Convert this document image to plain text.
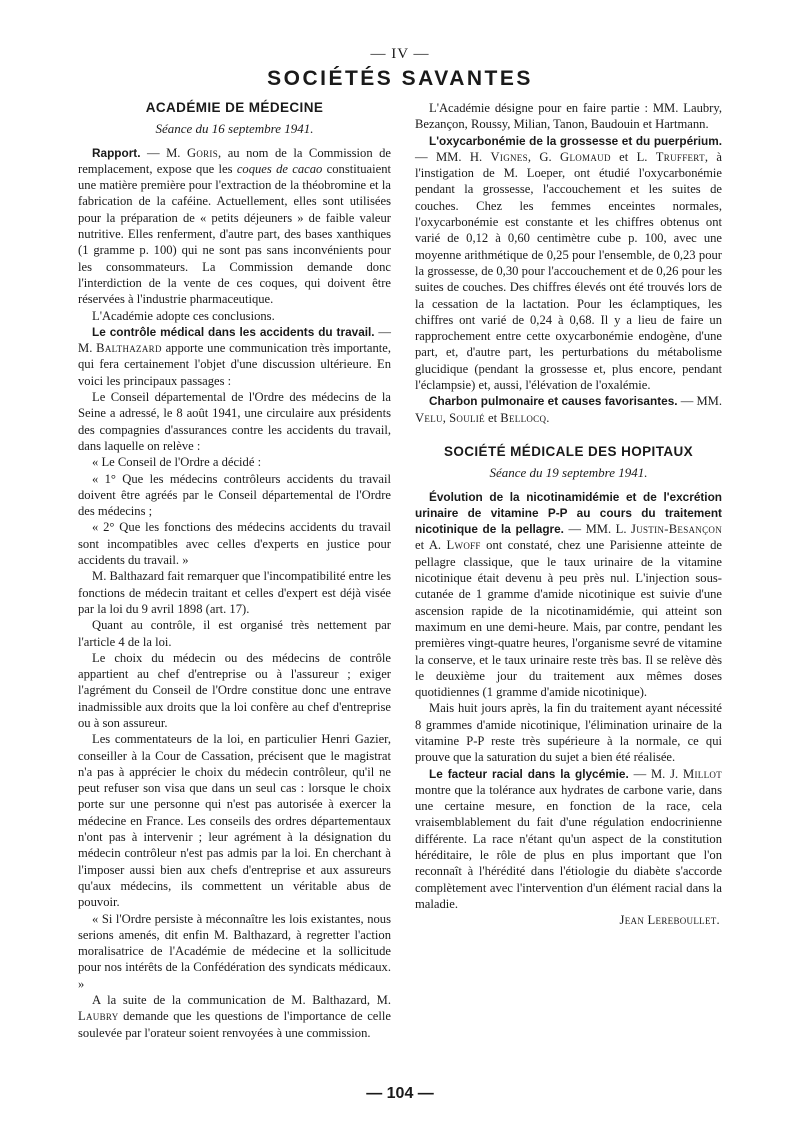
— IV —
SOCIÉTÉS SAVANTES
ACADÉMIE DE MÉDECINE
Séance du 16 septembre 1941.

Rapport. — M. Goris, au nom de la Commission de remplacement, expose que les coques de cacao constituaient une matière première pour l'extraction de la théobromine et la fabrication de la caféine. Actuellement, elles sont utilisées pour la préparation de « petits déjeuners » de faible valeur nutritive. Elles renferment, d'autre part, des bases xanthiques (1 gramme p. 100) qui ne sont pas sans inconvénients pour les consommateurs. La Commission demande donc l'interdiction de la vente de ces coques, qui doivent être réservées à l'industrie pharmaceutique.

L'Académie adopte ces conclusions.

Le contrôle médical dans les accidents du travail. — M. Balthazard apporte une communication très importante, qui fera certainement l'objet d'une discussion ultérieure. En voici les principaux passages :

Le Conseil départemental de l'Ordre des médecins de la Seine a adressé, le 8 août 1941, une circulaire aux présidents des compagnies d'assurances contre les accidents du travail, dans laquelle on relève :

« Le Conseil de l'Ordre a décidé :

« 1° Que les médecins contrôleurs accidents du travail doivent être agréés par le Conseil départemental de l'Ordre des médecins ;

« 2° Que les fonctions des médecins accidents du travail sont incompatibles avec celles d'experts en justice pour accidents du travail. »

M. Balthazard fait remarquer que l'incompatibilité entre les fonctions de médecin traitant et celles d'expert est déjà visée par la loi du 9 avril 1898 (art. 17).

Quant au contrôle, il est organisé très nettement par l'article 4 de la loi.

Le choix du médecin ou des médecins de contrôle appartient au chef d'entreprise ou à l'assureur ; exiger l'agrément du Conseil de l'Ordre constitue donc une entrave inadmissible aux droits que la loi confère au chef d'entreprise ou à son assureur.

Les commentateurs de la loi, en particulier Henri Gazier, conseiller à la Cour de Cassation, précisent que le magistrat n'a pas à apprécier le choix du médecin contrôleur, qu'il ne peut refuser son visa que dans un seul cas : lorsque le choix porte sur une personne qui n'est pas autorisée à exercer la médecine en France. Les conseils des ordres départementaux n'ont pas à intervenir ; leur agrément à la désignation du médecin contrôleur n'est pas admis par la loi. En cherchant à l'imposer aussi bien aux chefs d'entreprise et aux assureurs qu'aux médecins, ils commettent un véritable abus de pouvoir.

« Si l'Ordre persiste à méconnaître les lois existantes, nous serions amenés, dit enfin M. Balthazard, à regretter l'action moralisatrice de l'Académie de médecine et la sollicitude pour nos intérêts de la Confédération des syndicats médicaux. »

A la suite de la communication de M. Balthazard, M. Laubry demande que les questions de l'importance de celle soulevée par l'orateur soient renvoyées à une commission.

L'Académie désigne pour en faire partie : MM. Laubry, Bezançon, Roussy, Milian, Tanon, Baudouin et Hartmann.

L'oxycarbonémie de la grossesse et du puerpérium. — MM. H. Vignes, G. Glomaud et L. Truffert, à l'instigation de M. Loeper, ont étudié l'oxycarbonémie pendant la grossesse, l'accouchement et les suites de couches. Chez les femmes enceintes normales, l'oxycarbonémie est constante et les chiffres obtenus ont varié de 0,12 à 0,60 centimètre cube p. 100, avec une moyenne arithmétique de 0,25 pour l'ensemble, de 0,23 pour la grossesse, de 0,30 pour l'accouchement et de 0,26 pour les suites de couches. Des chiffres élevés ont été trouvés lors de la cessation de la lactation. Pour les éclamptiques, les chiffres ont varié de 0,24 à 0,68. Il y a lieu de faire un rapprochement entre cette oxycarbonémie endogène, d'une part, et, d'autre part, les perturbations du métabolisme glucidique (pendant la grossesse et, plus encore, pendant l'éclampsie) et, aussi, l'élévation de l'oxalémie.

Charbon pulmonaire et causes favorisantes. — MM. Velu, Soulié et Bellocq.

SOCIÉTÉ MÉDICALE DES HOPITAUX
Séance du 19 septembre 1941.

Évolution de la nicotinamidémie et de l'excrétion urinaire de vitamine P-P au cours du traitement nicotinique de la pellagre. — MM. L. Justin-Besançon et A. Lwoff ont constaté, chez une Parisienne atteinte de pellagre classique, que le taux urinaire de la vitamine nicotinique était devenu à peu près nul. L'injection sous-cutanée de 1 gramme d'amide nicotinique est suivie d'une ascension rapide de la nicotinamidémie, qui atteint son maximum en une demi-heure. Mais, par contre, pendant les premières vingt-quatre heures, l'organisme sevré de vitamine la conserve, et le taux urinaire reste très bas. Il se relève dès le deuxième jour du traitement aux mêmes doses quotidiennes (1 gramme d'amide nicotinique).

Mais huit jours après, la fin du traitement ayant nécessité 8 grammes d'amide nicotinique, l'élimination urinaire de la vitamine P-P reste très supérieure à la normale, ce qui prouve que la saturation du sujet a bien été réalisée.

Le facteur racial dans la glycémie. — M. J. Millot montre que la tolérance aux hydrates de carbone varie, dans une certaine mesure, en fonction de la race, cela vraisemblablement du fait d'une régulation endocrinienne différente. La race n'étant qu'un aspect de la constitution héréditaire, le rôle de plus en plus important que l'on reconnaît à l'hérédité dans l'étiologie du diabète s'accorde complètement avec l'intervention d'un élément racial dans la maladie.

Jean Lereboullet.

— 104 —
